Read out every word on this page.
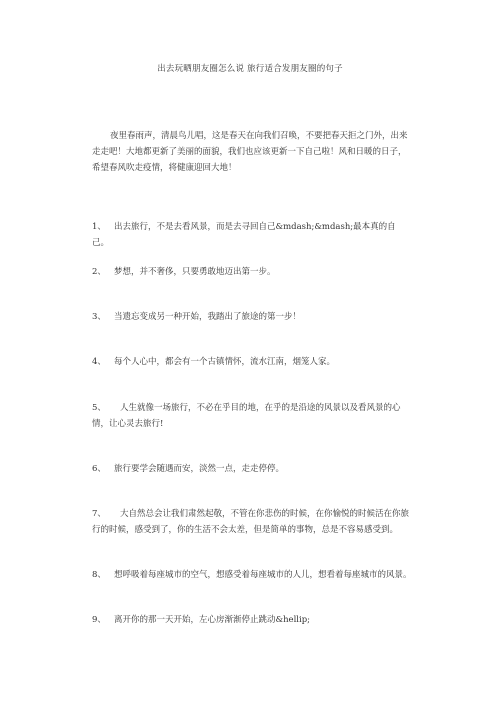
出去玩晒朋友圈怎么说 旅行适合发朋友圈的句子

夜里春雨声，清晨鸟儿唱，这是春天在向我们召唤，不要把春天拒之门外，出来走走吧！大地都更新了美丽的面貌，我们也应该更新一下自己啦！风和日暖的日子，希望春风吹走疫情，将健康迎回大地！

1、 出去旅行，不是去看风景，而是去寻回自己&mdash;&mdash;最本真的自己。

2、 梦想，并不奢侈，只要勇敢地迈出第一步。

3、 当遗忘变成另一种开始，我踏出了旅途的第一步！

4、 每个人心中，都会有一个古镇情怀，流水江南，烟笼人家。

5、 人生就像一场旅行，不必在乎目的地，在乎的是沿途的风景以及看风景的心情，让心灵去旅行!

6、 旅行要学会随遇而安，淡然一点，走走停停。

7、 大自然总会让我们肃然起敬，不管在你悲伤的时候，在你愉悦的时候活在你旅行的时候，感受到了，你的生活不会太差，但是简单的事物，总是不容易感受到。

8、 想呼吸着每座城市的空气，想感受着每座城市的人儿，想看着每座城市的风景。

9、 离开你的那一天开始，左心房渐渐停止跳动&hellip;
